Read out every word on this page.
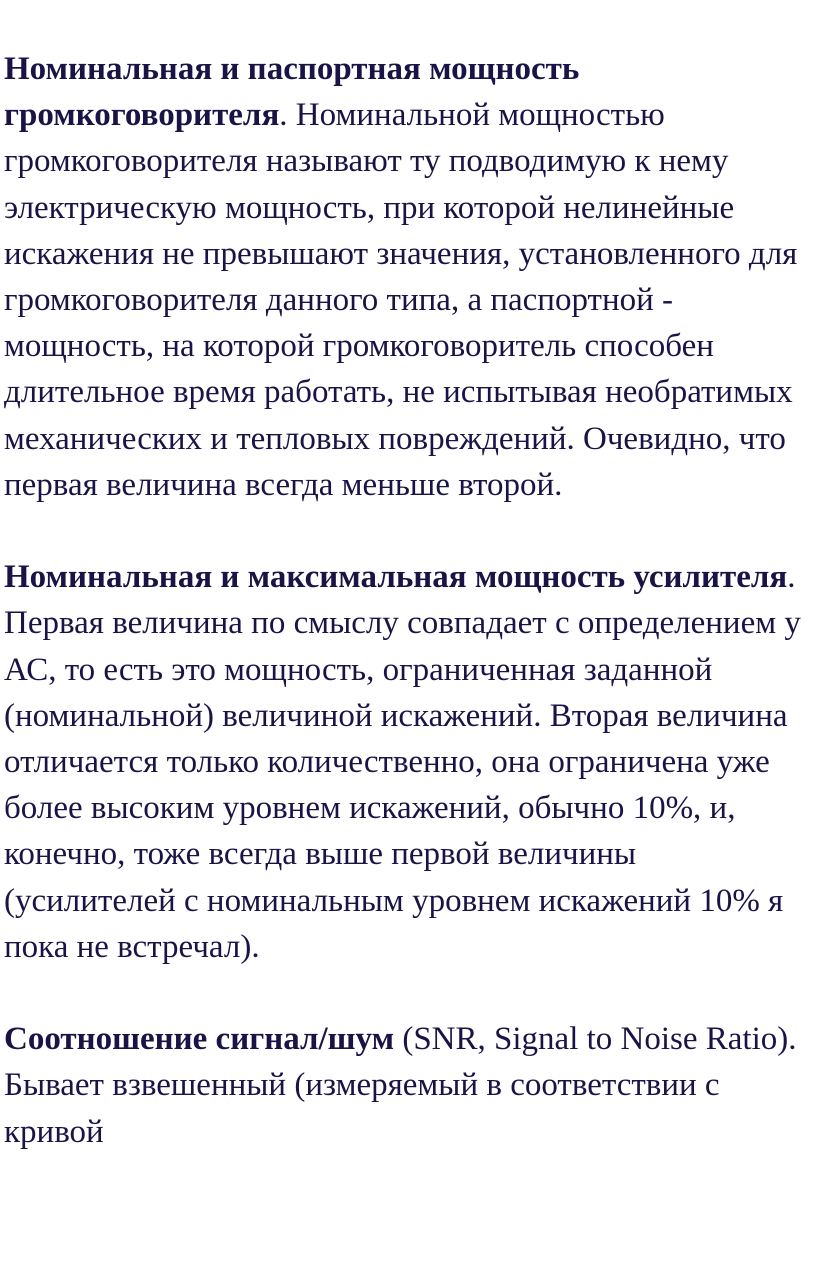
Номинальная и паспортная мощность громкоговорителя. Номинальной мощностью громкоговорителя называют ту подводимую к нему электрическую мощность, при которой нелинейные искажения не превышают значения, установленного для громкоговорителя данного типа, а паспортной - мощность, на которой громкоговоритель способен длительное время работать, не испытывая необратимых механических и тепловых повреждений. Очевидно, что первая величина всегда меньше второй.

Номинальная и максимальная мощность усилителя. Первая величина по смыслу совпадает с определением у АС, то есть это мощность, ограниченная заданной (номинальной) величиной искажений. Вторая величина отличается только количественно, она ограничена уже более высоким уровнем искажений, обычно 10%, и, конечно, тоже всегда выше первой величины (усилителей с номинальным уровнем искажений 10% я пока не встречал).

Соотношение сигнал/шум (SNR, Signal to Noise Ratio). Бывает взвешенный (измеряемый в соответствии с кривой
